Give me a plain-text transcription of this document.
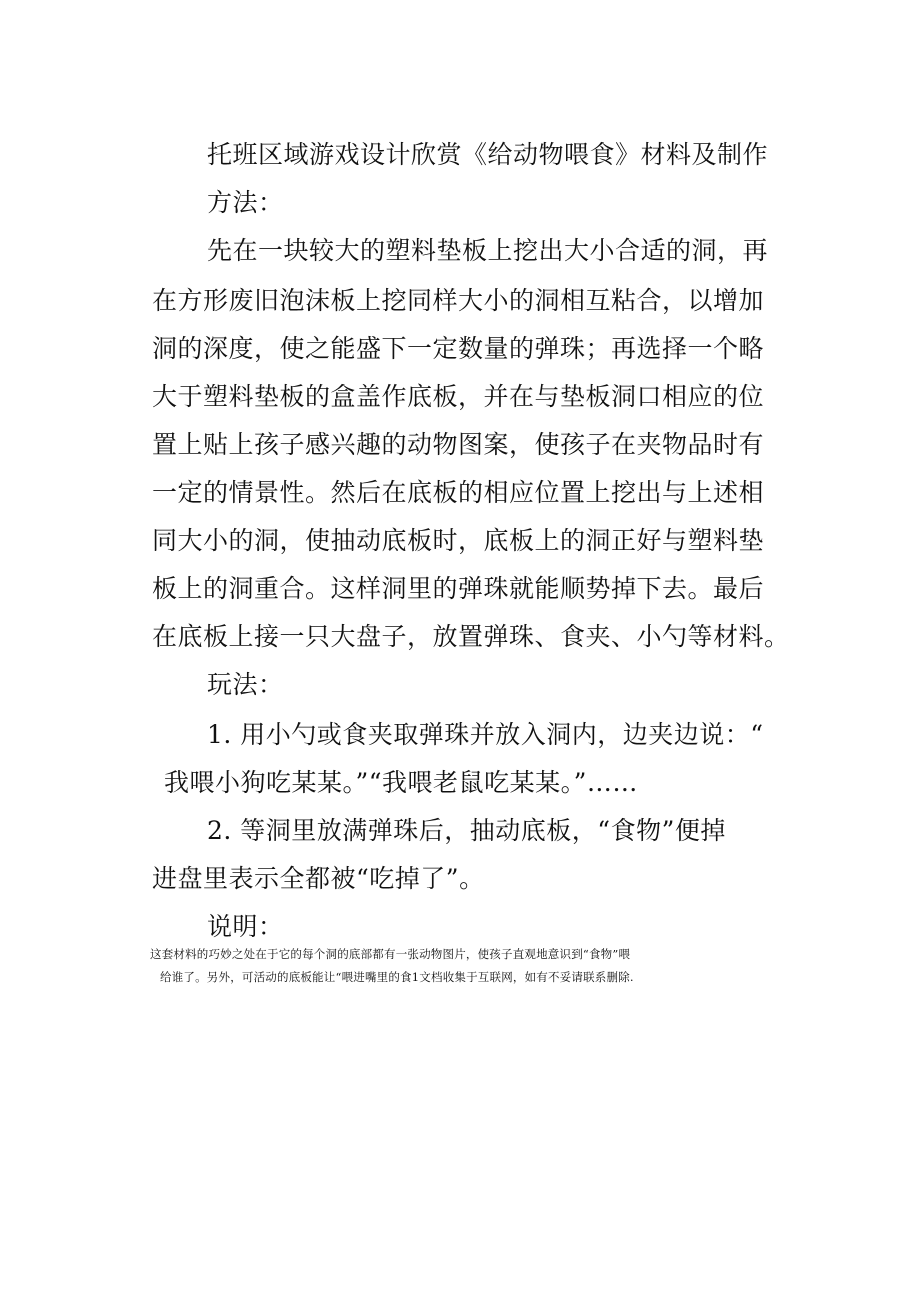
托班区域游戏设计欣赏《给动物喂食》材料及制作
方法：
先在一块较大的塑料垫板上挖出大小合适的洞，再
在方形废旧泡沫板上挖同样大小的洞相互粘合，以增加
洞的深度，使之能盛下一定数量的弹珠；再选择一个略
大于塑料垫板的盒盖作底板，并在与垫板洞口相应的位
置上贴上孩子感兴趣的动物图案，使孩子在夹物品时有
一定的情景性。然后在底板的相应位置上挖出与上述相
同大小的洞，使抽动底板时，底板上的洞正好与塑料垫
板上的洞重合。这样洞里的弹珠就能顺势掉下去。最后
在底板上接一只大盘子，放置弹珠、食夹、小勺等材料。
玩法：
1. 用小勺或食夹取弹珠并放入洞内，边夹边说：“
我喂小狗吃某某。”“我喂老鼠吃某某。”……
2. 等洞里放满弹珠后，抽动底板，“食物”便掉
进盘里表示全都被“吃掉了”。
说明：
这套材料的巧妙之处在于它的每个洞的底部都有一张动物图片，使孩子直观地意识到“食物”喂
给谁了。另外，可活动的底板能让“喂进嘴里的食1文档收集于互联网，如有不妥请联系删除.
